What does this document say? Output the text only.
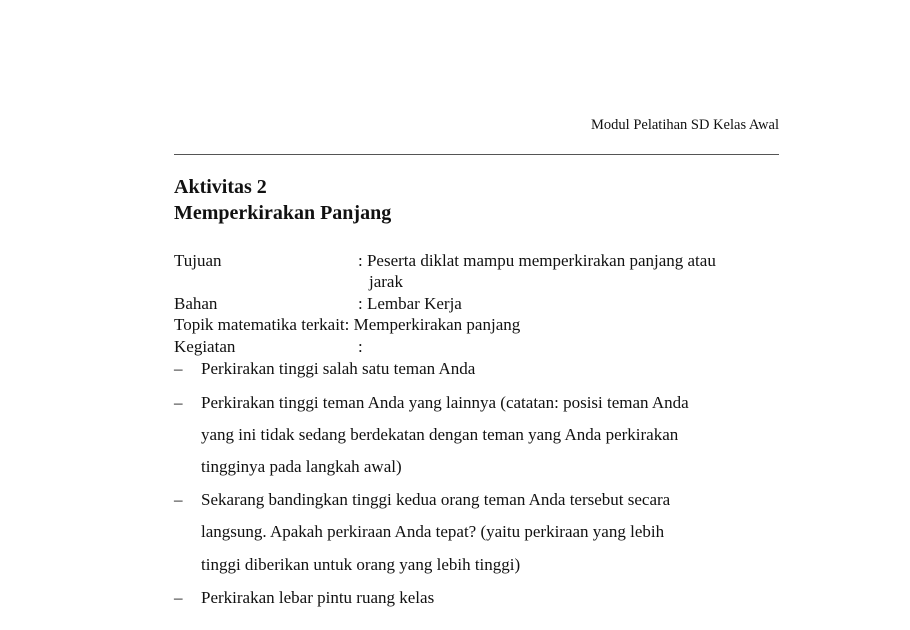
Modul Pelatihan SD Kelas Awal
Aktivitas 2
Memperkirakan Panjang
Tujuan	: Peserta diklat mampu memperkirakan panjang atau
jarak
Bahan	: Lembar Kerja
Topik matematika terkait: Memperkirakan panjang
Kegiatan	:
– Perkirakan tinggi salah satu teman Anda
– Perkirakan tinggi teman Anda yang lainnya (catatan: posisi teman Anda
yang ini tidak sedang berdekatan dengan teman yang Anda perkirakan
tingginya pada langkah awal)
– Sekarang bandingkan tinggi kedua orang teman Anda tersebut secara
langsung. Apakah perkiraan Anda tepat? (yaitu perkiraan yang lebih
tinggi diberikan untuk orang yang lebih tinggi)
– Perkirakan lebar pintu ruang kelas
